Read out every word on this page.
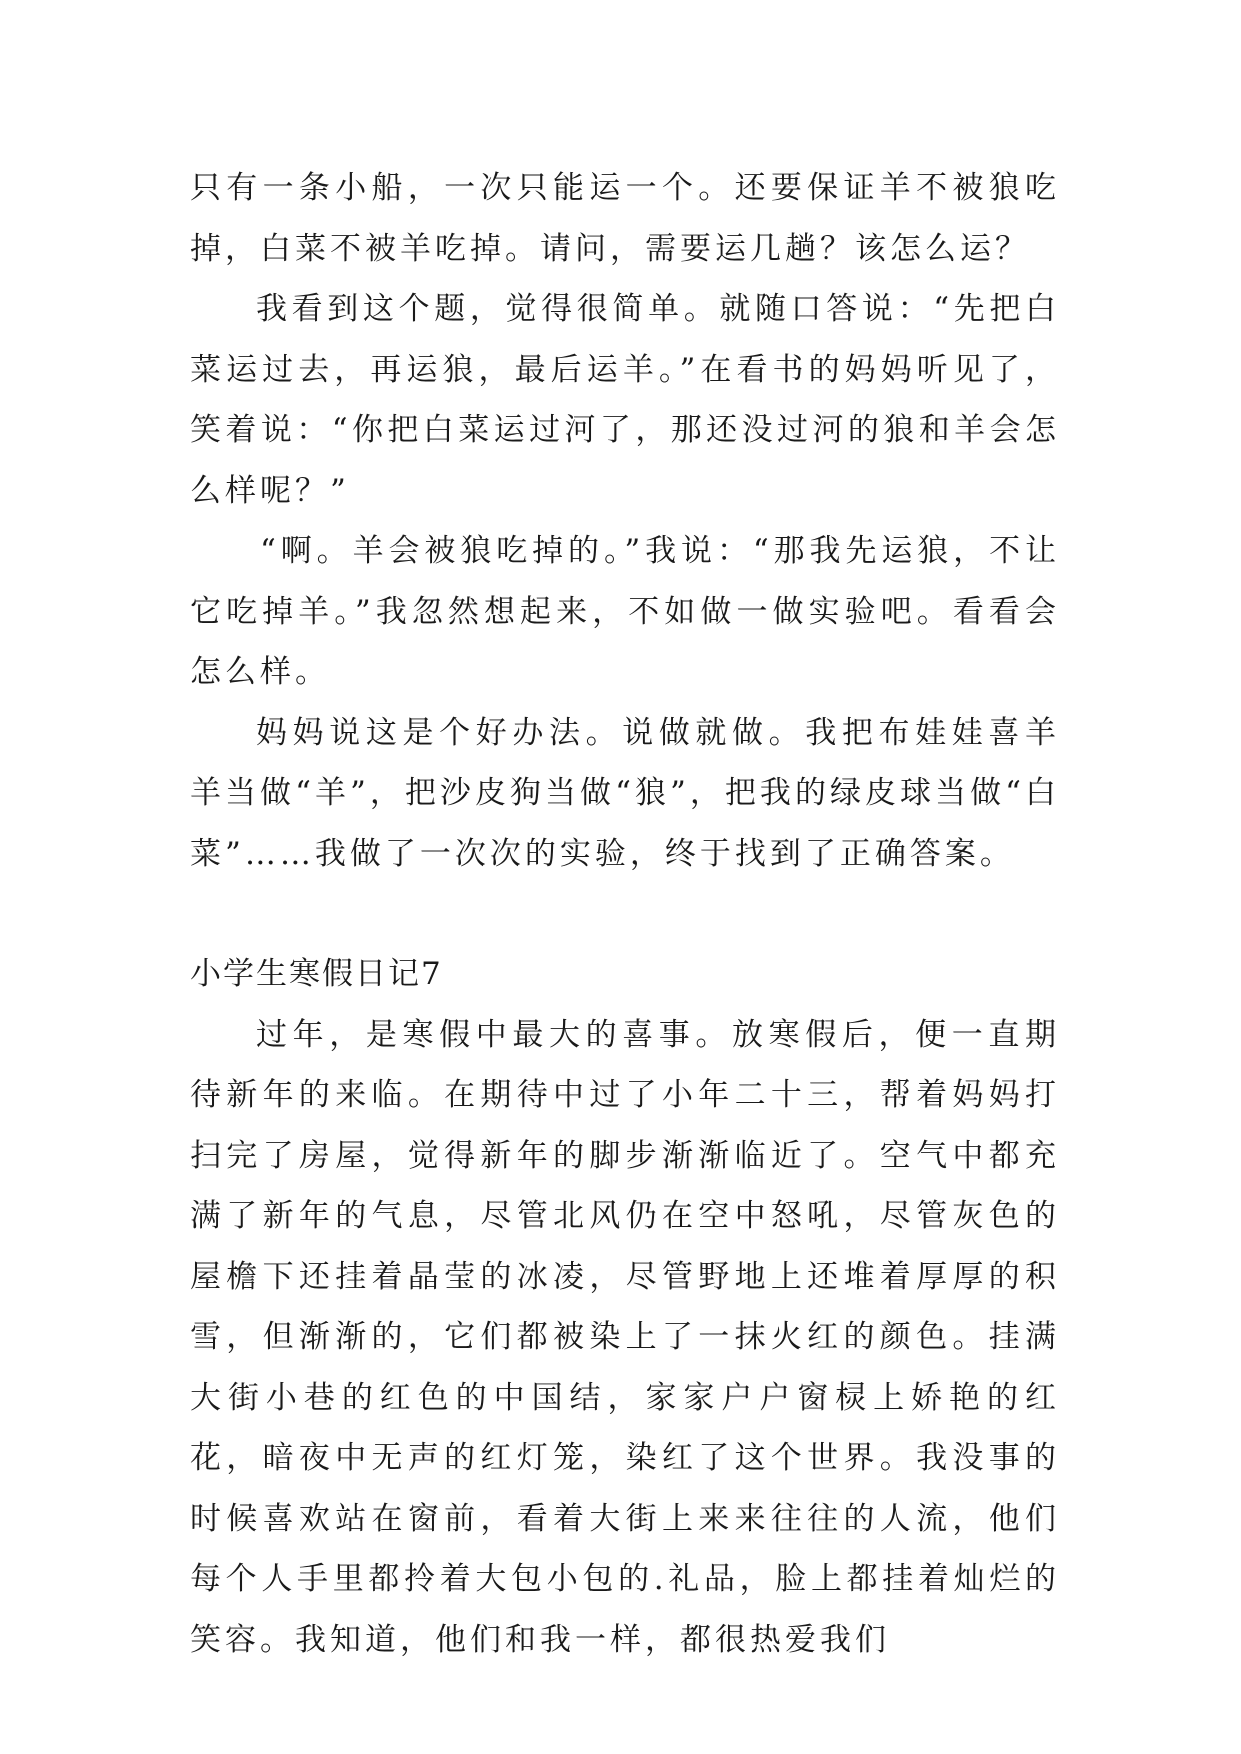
只有一条小船，一次只能运一个。还要保证羊不被狼吃掉，白菜不被羊吃掉。请问，需要运几趟？该怎么运？

我看到这个题，觉得很简单。就随口答说：“先把白菜运过去，再运狼，最后运羊。”在看书的妈妈听见了，笑着说：“你把白菜运过河了，那还没过河的狼和羊会怎么样呢？”

“啊。羊会被狼吃掉的。”我说：“那我先运狼，不让它吃掉羊。”我忽然想起来，不如做一做实验吧。看看会怎么样。

妈妈说这是个好办法。说做就做。我把布娃娃喜羊羊当做“羊”，把沙皮狗当做“狼”，把我的绿皮球当做“白菜”……我做了一次次的实验，终于找到了正确答案。

小学生寒假日记7

过年，是寒假中最大的喜事。放寒假后，便一直期待新年的来临。在期待中过了小年二十三，帮着妈妈打扫完了房屋，觉得新年的脚步渐渐临近了。空气中都充满了新年的气息，尽管北风仍在空中怒吼，尽管灰色的屋檐下还挂着晶莹的冰凌，尽管野地上还堆着厚厚的积雪，但渐渐的，它们都被染上了一抹火红的颜色。挂满大街小巷的红色的中国结，家家户户窗棂上娇艳的红花，暗夜中无声的红灯笼，染红了这个世界。我没事的时候喜欢站在窗前，看着大街上来来往往的人流，他们每个人手里都拎着大包小包的.礼品，脸上都挂着灿烂的笑容。我知道，他们和我一样，都很热爱我们
